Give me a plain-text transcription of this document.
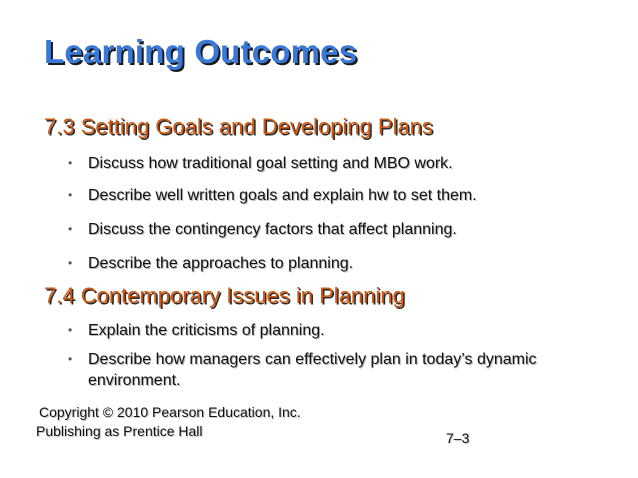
Learning Outcomes
7.3 Setting Goals and Developing Plans
• Discuss how traditional goal setting and MBO work.
• Describe well written goals and explain hw to set them.
• Discuss the contingency factors that affect planning.
• Describe the approaches to planning.
7.4 Contemporary Issues in Planning
• Explain the criticisms of planning.
• Describe how managers can effectively plan in today’s dynamic environment.
Copyright © 2010 Pearson Education, Inc.
Publishing as Prentice Hall	7–3
